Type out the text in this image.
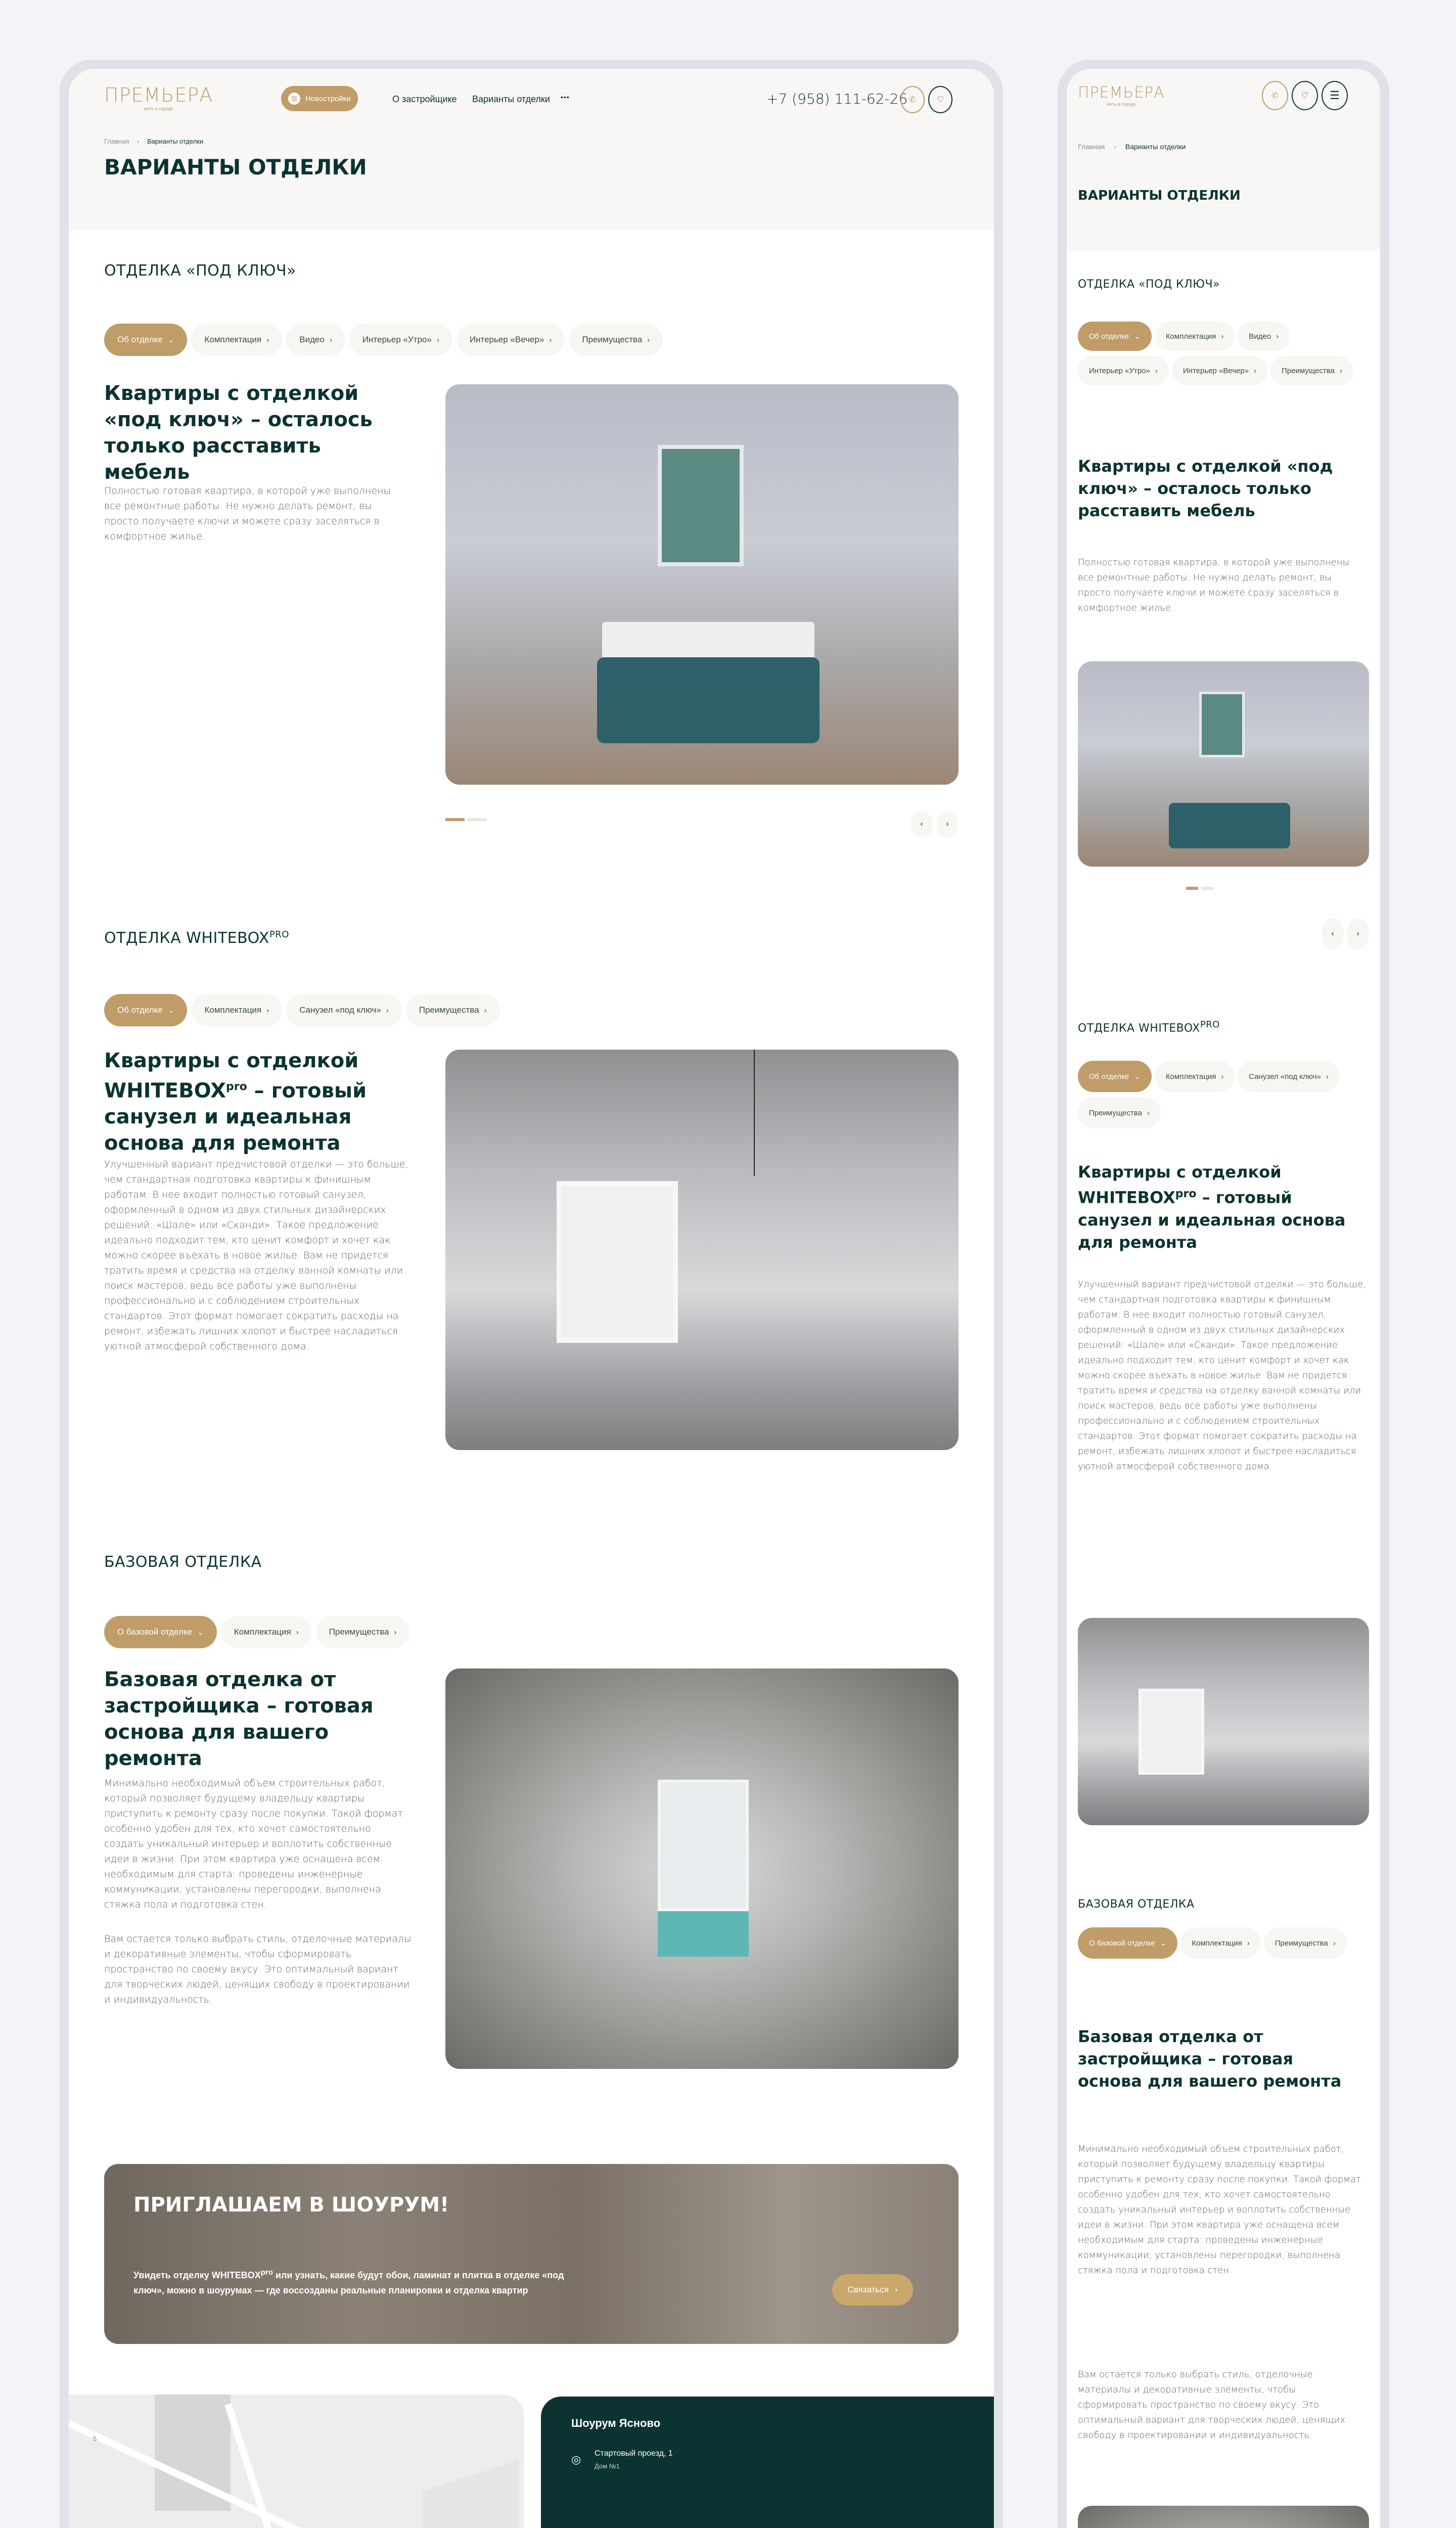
ПРЕМЬЕРА
жить в городе
▥	Новостройки	О застройщике Варианты отделки •••	+7 (958) 111-62-26 ✆	♡
Главная › Варианты отделки
ВАРИАНТЫ ОТДЕЛКИ
ОТДЕЛКА «ПОД КЛЮЧ»
Об отделке ⌄	Комплектация ›	Видео ›	Интерьер «Утро» ›	Интерьер «Вечер» ›	Преимущества ›
Квартиры с отделкой «под ключ» – осталось только расставить мебель

Полностью готовая квартира, в которой уже выполнены все ремонтные работы. Не нужно делать ремонт, вы просто получаете ключи и можете сразу заселяться в комфортное жилье.

‹	›
ОТДЕЛКА $WHITEBOX^{PRO}$
Об отделке ⌄	Комплектация ›	Санузел «под ключ» ›	Преимущества ›
Квартиры с отделкой $WHITEBOX^{pro}$ – готовый санузел и идеальная основа для ремонта

Улучшенный вариант предчистовой отделки — это больше, чем стандартная подготовка квартиры к финишным работам. В нее входит полностью готовый санузел, оформленный в одном из двух стильных дизайнерских решений: «Шале» или «Сканди». Такое предложение идеально подходит тем, кто ценит комфорт и хочет как можно скорее въехать в новое жилье. Вам не придется тратить время и средства на отделку ванной комнаты или поиск мастеров, ведь все работы уже выполнены профессионально и с соблюдением строительных стандартов. Этот формат помогает сократить расходы на ремонт, избежать лишних хлопот и быстрее насладиться уютной атмосферой собственного дома.

БАЗОВАЯ ОТДЕЛКА
О базовой отделке ⌄	Комплектация ›	Преимущества ›
Базовая отделка от застройщика – готовая основа для вашего ремонта

Минимально необходимый объем строительных работ, который позволяет будущему владельцу квартиры приступить к ремонту сразу после покупки. Такой формат особенно удобен для тех, кто хочет самостоятельно создать уникальный интерьер и воплотить собственные идеи в жизни. При этом квартира уже оснащена всем необходимым для старта: проведены инженерные коммуникации, установлены перегородки, выполнена стяжка пола и подготовка стен.

Вам остается только выбрать стиль, отделочные материалы и декоративные элементы, чтобы сформировать пространство по своему вкусу. Это оптимальный вариант для творческих людей, ценящих свободу в проектировании и индивидуальность.

ПРИГЛАШАЕМ В ШОУРУМ!

Увидеть отделку $WHITEBOX^{pro}$ или узнать, какие будут обои, ламинат и плитка в отделке «под ключ», можно в шоурумах — где воссозданы реальные планировки и отделка квартир	Связаться ›
5
Шоурум Ясново
◎ Стартовый проезд, 1
Дом №1

ПРЕМЬЕРА
жить в городе
✆	♡ ☰
Главная › Варианты отделки
ВАРИАНТЫ ОТДЕЛКИ
ОТДЕЛКА «ПОД КЛЮЧ»
Об отделке ⌄	Комплектация ›	Видео ›
Интерьер «Утро» ›	Интерьер «Вечер» ›	Преимущества ›
Квартиры с отделкой «под ключ» – осталось только расставить мебель

Полностью готовая квартира, в которой уже выполнены все ремонтные работы. Не нужно делать ремонт, вы просто получаете ключи и можете сразу заселяться в комфортное жилье.

‹	›
ОТДЕЛКА $WHITEBOX^{PRO}$
Об отделке ⌄	Комплектация ›	Санузел «под ключ» ›
Преимущества ›
Квартиры с отделкой $WHITEBOX^{pro}$ – готовый санузел и идеальная основа для ремонта

Улучшенный вариант предчистовой отделки — это больше, чем стандартная подготовка квартиры к финишным работам. В нее входит полностью готовый санузел, оформленный в одном из двух стильных дизайнерских решений: «Шале» или «Сканди». Такое предложение идеально подходит тем, кто ценит комфорт и хочет как можно скорее въехать в новое жилье. Вам не придется тратить время и средства на отделку ванной комнаты или поиск мастеров, ведь все работы уже выполнены профессионально и с соблюдением строительных стандартов. Этот формат помогает сократить расходы на ремонт, избежать лишних хлопот и быстрее насладиться уютной атмосферой собственного дома.

БАЗОВАЯ ОТДЕЛКА
О базовой отделке ⌄	Комплектация ›	Преимущества ›
Базовая отделка от застройщика – готовая основа для вашего ремонта

Минимально необходимый объем строительных работ, который позволяет будущему владельцу квартиры приступить к ремонту сразу после покупки. Такой формат особенно удобен для тех, кто хочет самостоятельно создать уникальный интерьер и воплотить собственные идеи в жизни. При этом квартира уже оснащена всем необходимым для старта: проведены инженерные коммуникации, установлены перегородки, выполнена стяжка пола и подготовка стен.

Вам остается только выбрать стиль, отделочные материалы и декоративные элементы, чтобы сформировать пространство по своему вкусу. Это оптимальный вариант для творческих людей, ценящих свободу в проектировании и индивидуальность.
